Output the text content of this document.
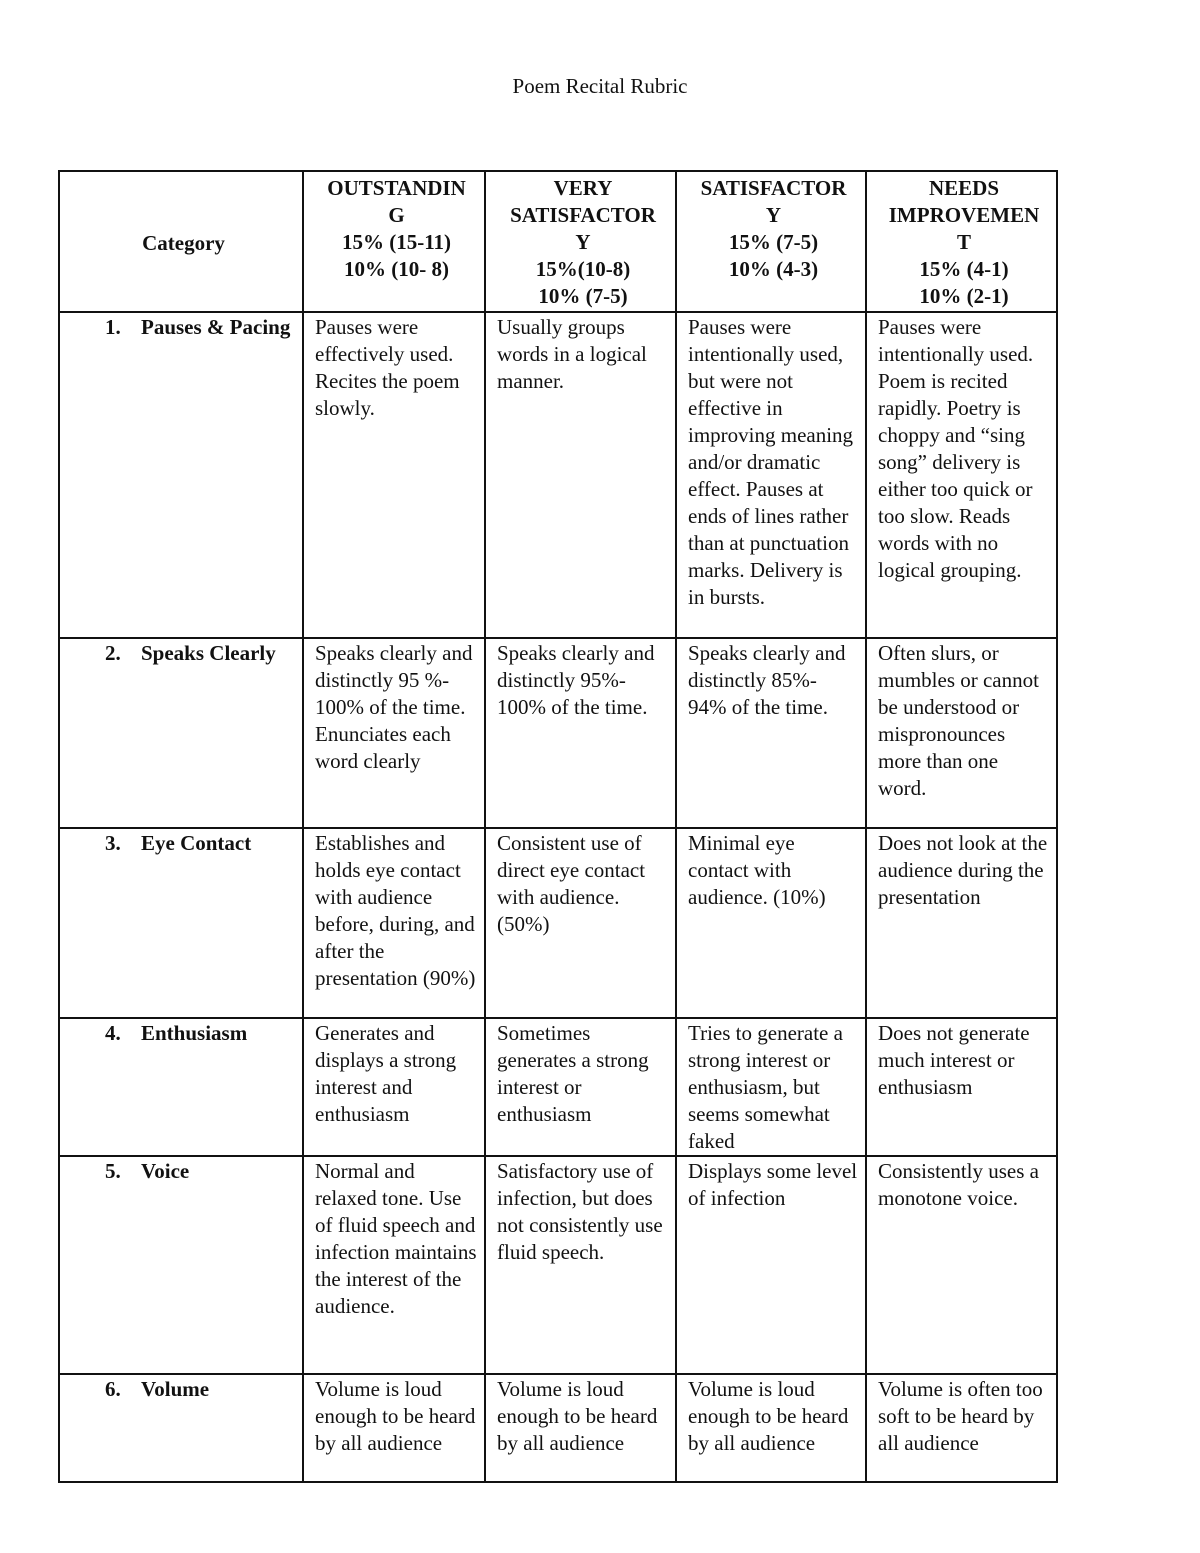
Poem Recital Rubric
Category	OUTSTANDIN
G
15% (15-11)
10% (10- 8)	VERY
SATISFACTOR
Y
15%(10-8)
10% (7-5)	SATISFACTOR
Y
15% (7-5)
10% (4-3)	NEEDS
IMPROVEMEN
T
15% (4-1)
10% (2-1)

1. Pauses & Pacing	Pauses were effectively used. Recites the poem slowly.	Usually groups words in a logical manner.	Pauses were intentionally used, but were not effective in improving meaning and/or dramatic effect. Pauses at ends of lines rather than at punctuation marks. Delivery is in bursts.	Pauses were intentionally used. Poem is recited rapidly. Poetry is choppy and “sing song” delivery is either too quick or too slow. Reads words with no logical grouping.

2. Speaks Clearly	Speaks clearly and distinctly 95 %- 100% of the time. Enunciates each word clearly	Speaks clearly and distinctly 95%- 100% of the time.	Speaks clearly and distinctly 85%- 94% of the time.	Often slurs, or mumbles or cannot be understood or mispronounces more than one word.

3. Eye Contact	Establishes and holds eye contact with audience before, during, and after the presentation (90%)	Consistent use of direct eye contact with audience. (50%)	Minimal eye contact with audience. (10%)	Does not look at the audience during the presentation

4. Enthusiasm	Generates and displays a strong interest and enthusiasm	Sometimes generates a strong interest or enthusiasm	Tries to generate a strong interest or enthusiasm, but seems somewhat faked	Does not generate much interest or enthusiasm

5. Voice	Normal and relaxed tone. Use of fluid speech and infection maintains the interest of the audience.	Satisfactory use of infection, but does not consistently use fluid speech.	Displays some level of infection	Consistently uses a monotone voice.

6. Volume	Volume is loud enough to be heard by all audience	Volume is loud enough to be heard by all audience	Volume is loud enough to be heard by all audience	Volume is often too soft to be heard by all audience
